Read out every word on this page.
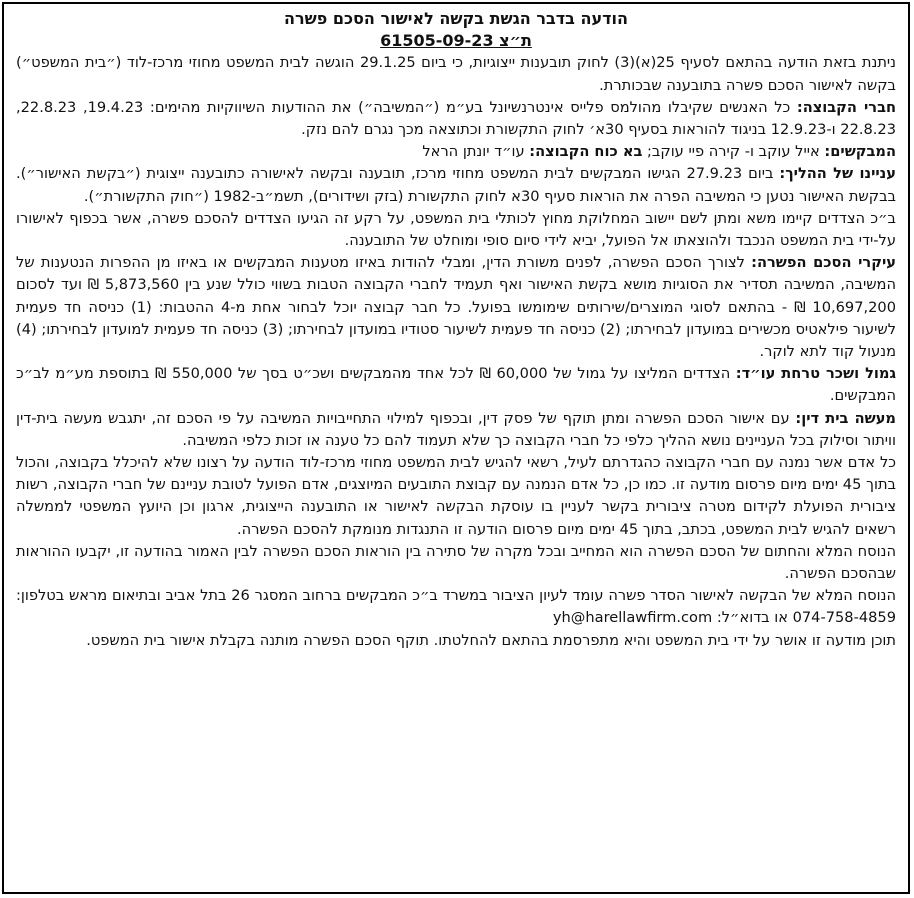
הודעה בדבר הגשת בקשה לאישור הסכם פשרה

ת״צ 61505-09-23

ניתנת בזאת הודעה בהתאם לסעיף 25(א)(3) לחוק תובענות ייצוגיות, כי ביום 29.1.25 הוגשה לבית המשפט מחוזי מרכז-לוד (״בית המשפט״) בקשה לאישור הסכם פשרה בתובענה שבכותרת.

חברי הקבוצה: כל האנשים שקיבלו מהולמס פלייס אינטרנשיונל בע״מ (״המשיבה״) את ההודעות השיווקיות מהימים: 19.4.23, 22.8.23, 22.8.23 ו-12.9.23 בניגוד להוראות בסעיף 30א׳ לחוק התקשורת וכתוצאה מכך נגרם להם נזק.

המבקשים: אייל עוקב ו- קירה פיי עוקב; בא כוח הקבוצה: עו״ד יונתן הראל

עניינו של ההליך: ביום 27.9.23 הגישו המבקשים לבית המשפט מחוזי מרכז, תובענה ובקשה לאישורה כתובענה ייצוגית (״בקשת האישור״). בבקשת האישור נטען כי המשיבה הפרה את הוראות סעיף 30א לחוק התקשורת (בזק ושידורים), תשמ״ב-1982 (״חוק התקשורת״).

ב״כ הצדדים קיימו משא ומתן לשם יישוב המחלוקת מחוץ לכותלי בית המשפט, על רקע זה הגיעו הצדדים להסכם פשרה, אשר בכפוף לאישורו על-ידי בית המשפט הנכבד ולהוצאתו אל הפועל, יביא לידי סיום סופי ומוחלט של התובענה.

עיקרי הסכם הפשרה: לצורך הסכם הפשרה, לפנים משורת הדין, ומבלי להודות באיזו מטענות המבקשים או באיזו מן ההפרות הנטענות של המשיבה, המשיבה תסדיר את הסוגיות מושא בקשת האישור ואף תעמיד לחברי הקבוצה הטבות בשווי כולל שנע בין 5,873,560 ₪ ועד לסכום 10,697,200 ₪ - בהתאם לסוגי המוצרים/שירותים שימומשו בפועל. כל חבר קבוצה יוכל לבחור אחת מ-4 ההטבות: (1) כניסה חד פעמית לשיעור פילאטיס מכשירים במועדון לבחירתו; (2) כניסה חד פעמית לשיעור סטודיו במועדון לבחירתו; (3) כניסה חד פעמית למועדון לבחירתו; (4) מנעול קוד לתא לוקר.

גמול ושכר טרחת עו״ד: הצדדים המליצו על גמול של 60,000 ₪ לכל אחד מהמבקשים ושכ״ט בסך של 550,000 ₪ בתוספת מע״מ לב״כ המבקשים.

מעשה בית דין: עם אישור הסכם הפשרה ומתן תוקף של פסק דין, ובכפוף למילוי התחייבויות המשיבה על פי הסכם זה, יתגבש מעשה בית-דין וויתור וסילוק בכל העניינים נושא ההליך כלפי כל חברי הקבוצה כך שלא תעמוד להם כל טענה או זכות כלפי המשיבה.

כל אדם אשר נמנה עם חברי הקבוצה כהגדרתם לעיל, רשאי להגיש לבית המשפט מחוזי מרכז-לוד הודעה על רצונו שלא להיכלל בקבוצה, והכול בתוך 45 ימים מיום פרסום מודעה זו. כמו כן, כל אדם הנמנה עם קבוצת התובעים המיוצגים, אדם הפועל לטובת עניינם של חברי הקבוצה, רשות ציבורית הפועלת לקידום מטרה ציבורית בקשר לעניין בו עוסקת הבקשה לאישור או התובענה הייצוגית, ארגון וכן היועץ המשפטי לממשלה רשאים להגיש לבית המשפט, בכתב, בתוך 45 ימים מיום פרסום הודעה זו התנגדות מנומקת להסכם הפשרה.

הנוסח המלא והחתום של הסכם הפשרה הוא המחייב ובכל מקרה של סתירה בין הוראות הסכם הפשרה לבין האמור בהודעה זו, יקבעו ההוראות שבהסכם הפשרה.

הנוסח המלא של הבקשה לאישור הסדר פשרה עומד לעיון הציבור במשרד ב״כ המבקשים ברחוב המסגר 26 בתל אביב ובתיאום מראש בטלפון: 074-758-4859 או בדוא״ל: yh@harellawfirm.com

תוכן מודעה זו אושר על ידי בית המשפט והיא מתפרסמת בהתאם להחלטתו. תוקף הסכם הפשרה מותנה בקבלת אישור בית המשפט.
